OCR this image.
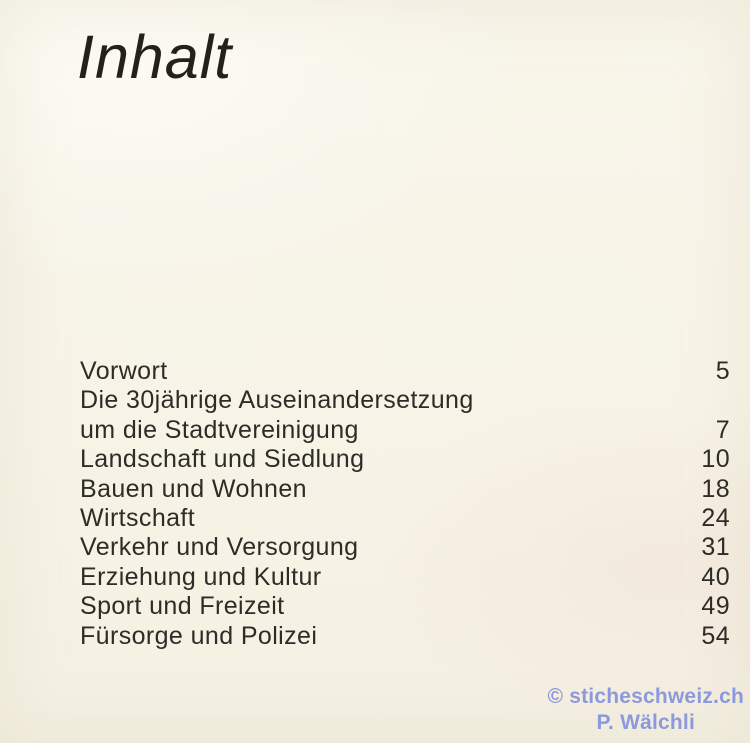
Inhalt
Vorwort	5
Die 30jährige Auseinandersetzung
um die Stadtvereinigung	7
Landschaft und Siedlung	10
Bauen und Wohnen	18
Wirtschaft	24
Verkehr und Versorgung	31
Erziehung und Kultur	40
Sport und Freizeit	49
Fürsorge und Polizei	54
© sticheschweiz.ch
P. Wälchli
